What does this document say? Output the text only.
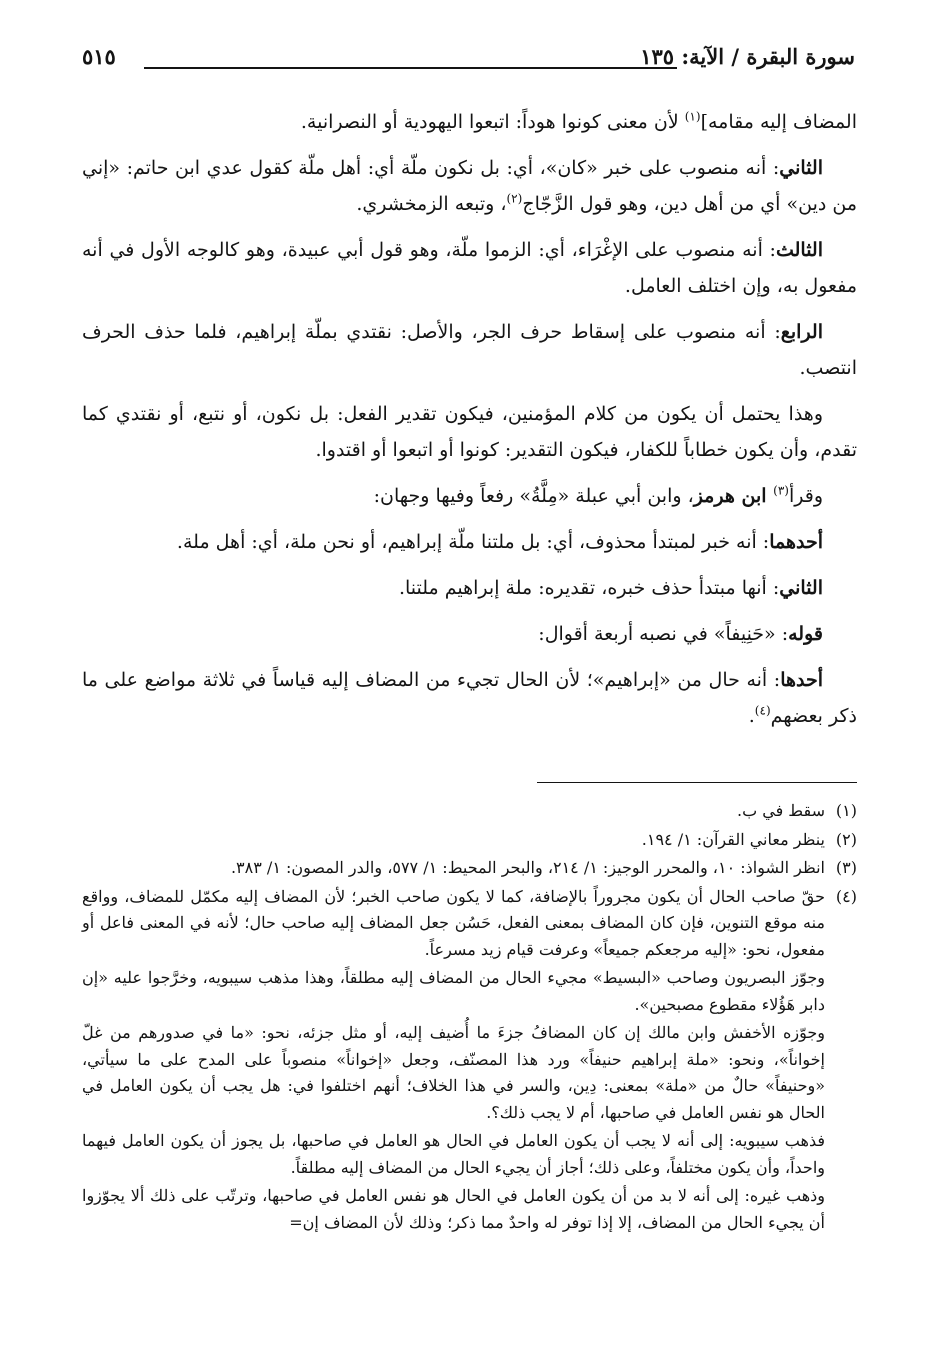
سورة البقرة / الآية: ١٣٥
٥١٥

المضاف إليه مقامه]$^{(١)}$ لأن معنى كونوا هوداً: اتبعوا اليهودية أو النصرانية.

الثاني: أنه منصوب على خبر «كان»، أي: بل نكون ملّة أي: أهل ملّة كقول عدي ابن حاتم: «إني من دين» أي من أهل دين، وهو قول الزَّجّاج$^{(٢)}$، وتبعه الزمخشري.

الثالث: أنه منصوب على الإغْرَاء، أي: الزموا ملّة، وهو قول أبي عبيدة، وهو كالوجه الأول في أنه مفعول به، وإن اختلف العامل.

الرابع: أنه منصوب على إسقاط حرف الجر، والأصل: نقتدي بملّة إبراهيم، فلما حذف الحرف انتصب.

وهذا يحتمل أن يكون من كلام المؤمنين، فيكون تقدير الفعل: بل نكون، أو نتبع، أو نقتدي كما تقدم، وأن يكون خطاباً للكفار، فيكون التقدير: كونوا أو اتبعوا أو اقتدوا.

وقرأ$^{(٣)}$ ابن هرمز، وابن أبي عبلة «مِلَّةُ» رفعاً وفيها وجهان:

أحدهما: أنه خبر لمبتدأ محذوف، أي: بل ملتنا ملّة إبراهيم، أو نحن ملة، أي: أهل ملة.

الثاني: أنها مبتدأ حذف خبره، تقديره: ملة إبراهيم ملتنا.

قوله: «حَنِيفاً» في نصبه أربعة أقوال:

أحدها: أنه حال من «إبراهيم»؛ لأن الحال تجيء من المضاف إليه قياساً في ثلاثة مواضع على ما ذكر بعضهم$^{(٤)}$.

(١)
سقط في ب.

(٢)
ينظر معاني القرآن: ١/ ١٩٤.

(٣)
انظر الشواذ: ١٠، والمحرر الوجيز: ١/ ٢١٤، والبحر المحيط: ١/ ٥٧٧، والدر المصون: ١/ ٣٨٣.

(٤)
حقّ صاحب الحال أن يكون مجروراً بالإضافة، كما لا يكون صاحب الخبر؛ لأن المضاف إليه مكمّل للمضاف، وواقع منه موقع التنوين، فإن كان المضاف بمعنى الفعل، حَسُن جعل المضاف إليه صاحب حال؛ لأنه في المعنى فاعل أو مفعول، نحو: «إليه مرجعكم جميعاً» وعرفت قيام زيد مسرعاً.

وجوّز البصريون وصاحب «البسيط» مجيء الحال من المضاف إليه مطلقاً، وهذا مذهب سيبويه، وخرَّجوا عليه «إن دابر هَؤُلاء مقطوع مصبحين».

وجوّزه الأخفش وابن مالك إن كان المضافُ جزءَ ما أُضيف إليه، أو مثل جزئه، نحو: «ما في صدورهم من غلّ إخواناً»، ونحو: «ملة إبراهيم حنيفاً» ورد هذا المصنّف، وجعل «إخواناً» منصوباً على المدح على ما سيأتي، «وحنيفاً» حالٌ من «ملة» بمعنى: دِين، والسر في هذا الخلاف؛ أنهم اختلفوا في: هل يجب أن يكون العامل في الحال هو نفس العامل في صاحبها، أم لا يجب ذلك؟.

فذهب سيبويه: إلى أنه لا يجب أن يكون العامل في الحال هو العامل في صاحبها، بل يجوز أن يكون العامل فيهما واحداً، وأن يكون مختلفاً، وعلى ذلك؛ أجاز أن يجيء الحال من المضاف إليه مطلقاً.

وذهب غيره: إلى أنه لا بد من أن يكون العامل في الحال هو نفس العامل في صاحبها، وترتّب على ذلك ألا يجوّزوا أن يجيء الحال من المضاف، إلا إذا توفر له واحدٌ مما ذكر؛ وذلك لأن المضاف إن=
